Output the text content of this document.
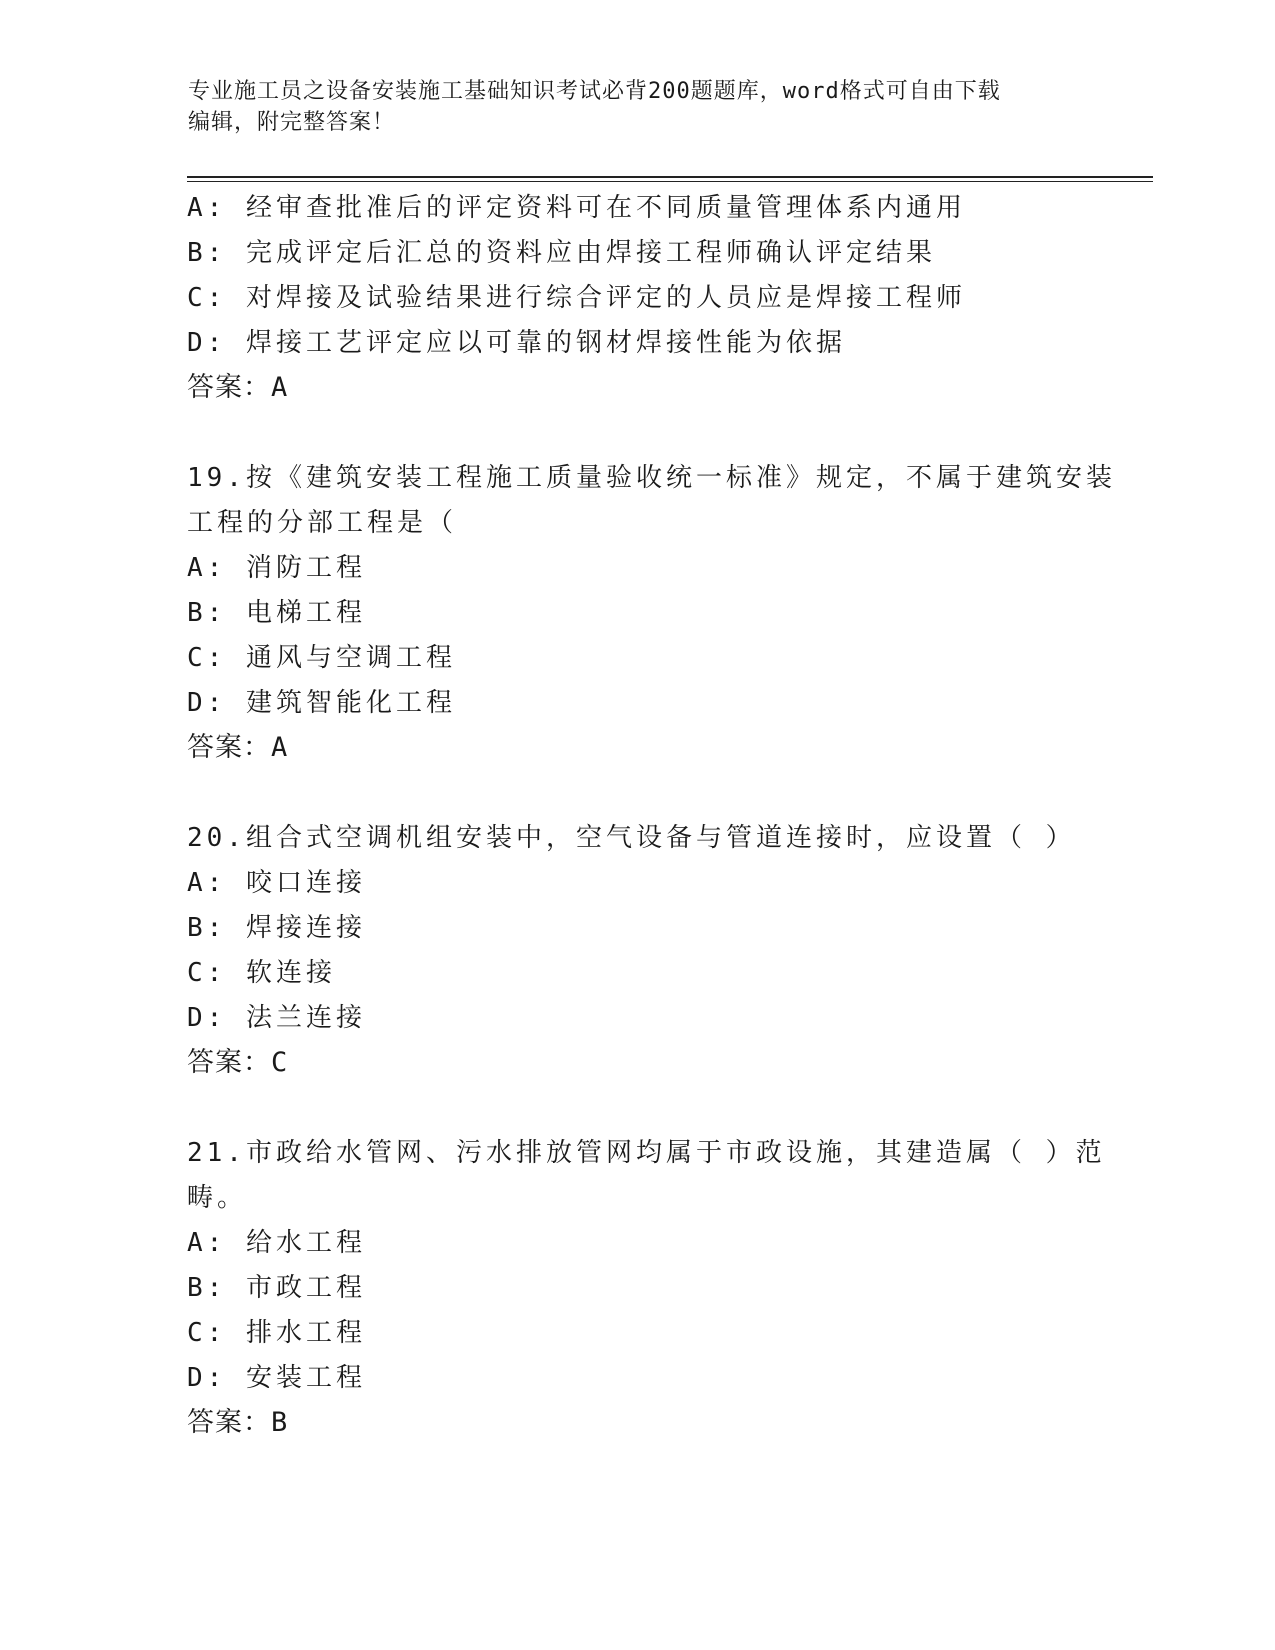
专业施工员之设备安装施工基础知识考试必背200题题库，word格式可自由下载
编辑，附完整答案！
A: 经审查批准后的评定资料可在不同质量管理体系内通用
B: 完成评定后汇总的资料应由焊接工程师确认评定结果
C: 对焊接及试验结果进行综合评定的人员应是焊接工程师
D: 焊接工艺评定应以可靠的钢材焊接性能为依据
答案：A
19.按《建筑安装工程施工质量验收统一标准》规定，不属于建筑安装
工程的分部工程是（
A: 消防工程
B: 电梯工程
C: 通风与空调工程
D: 建筑智能化工程
答案：A
20.组合式空调机组安装中，空气设备与管道连接时，应设置（ ）
A: 咬口连接
B: 焊接连接
C: 软连接
D: 法兰连接
答案：C
21.市政给水管网、污水排放管网均属于市政设施，其建造属（ ）范
畴。
A: 给水工程
B: 市政工程
C: 排水工程
D: 安装工程
答案：B
